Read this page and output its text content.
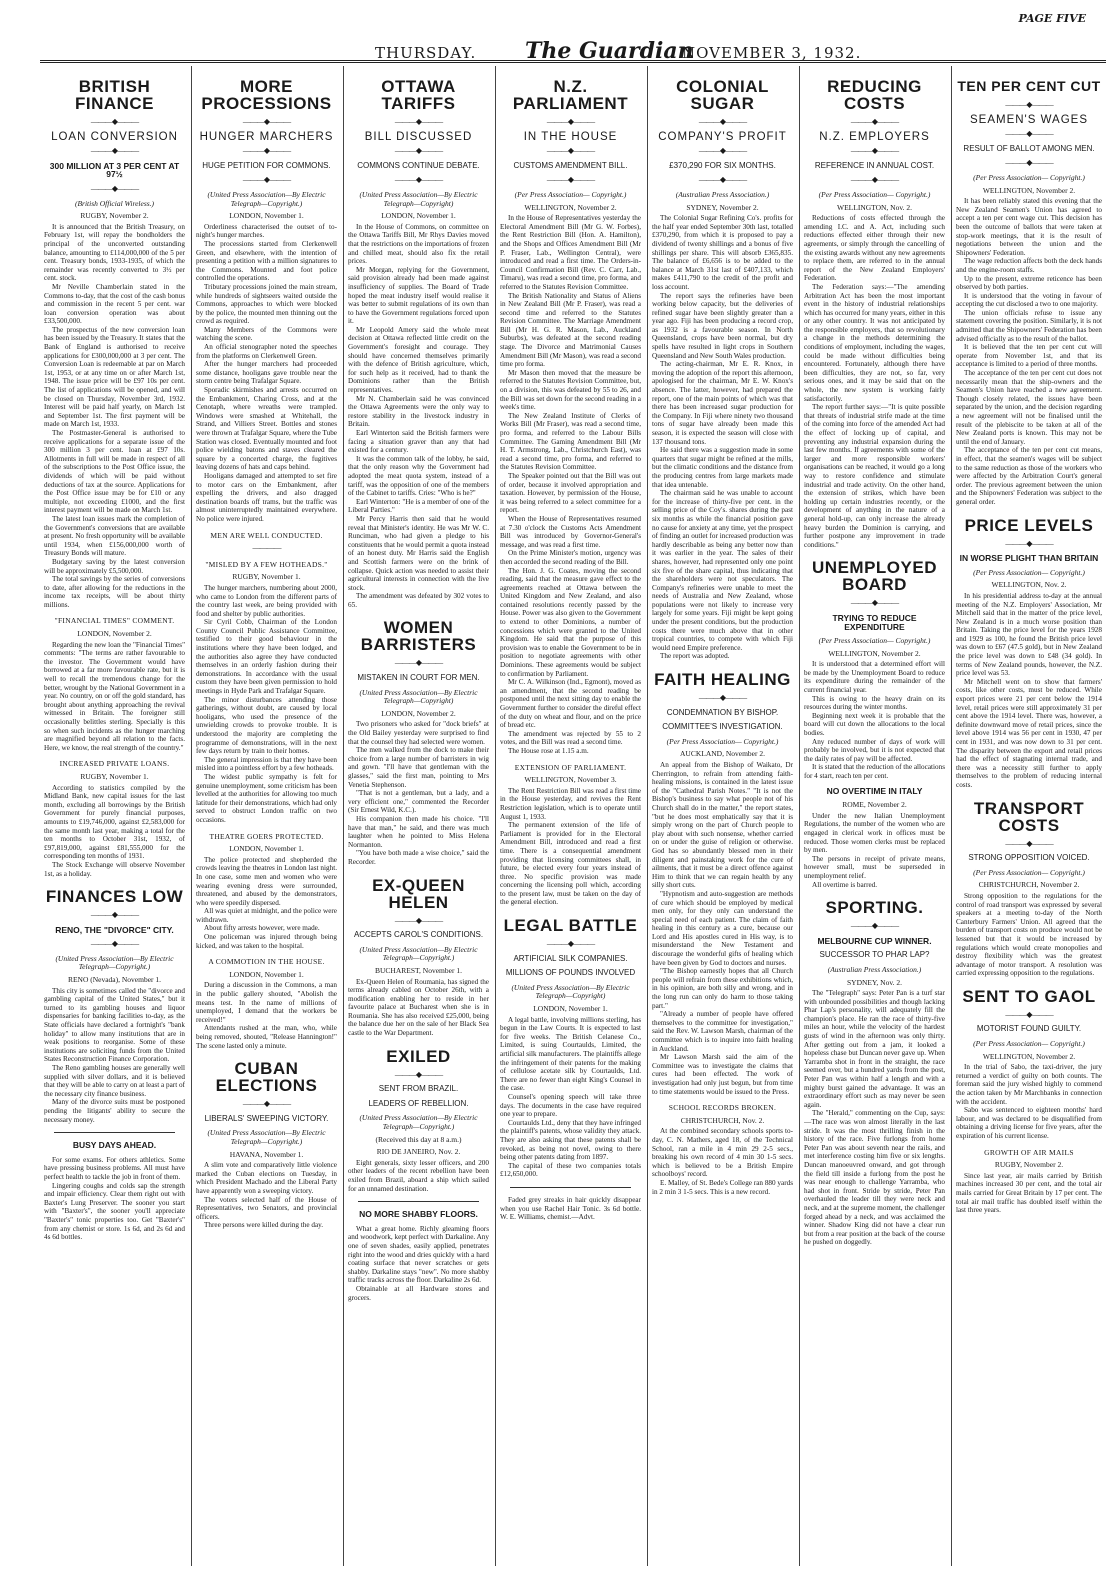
THURSDAY. The Guardian
NOVEMBER 3, 1932.
PAGE FIVE
BRITISH FINANCE
———◆———
LOAN CONVERSION
———◆———
300 MILLION AT 3 PER CENT AT 97½
———◆———
(British Official Wireless.)
RUGBY, November 2.

It is announced that the British Treasury, on February 1st, will repay the bondholders the principal of the unconverted outstanding balance, amounting to £114,000,000 of the 5 per cent. Treasury bonds, 1933-1935, of which the remainder was recently converted to 3½ per cent. stock.

Mr Neville Chamberlain stated in the Commons to-day, that the cost of the cash bonus and commission in the recent 5 per cent. war loan conversion operation was about £33,500,000.

The prospectus of the new conversion loan has been issued by the Treasury. It states that the Bank of England is authorised to receive applications for £300,000,000 at 3 per cent. The Conversion Loan is redeemable at par on March 1st, 1953, or at any time on or after March 1st, 1948. The issue price will be £97 10s per cent. The list of applications will be opened, and will be closed on Thursday, November 3rd, 1932. Interest will be paid half yearly, on March 1st and September 1st. The first payment will be made on March 1st, 1933.

The Postmaster-General is authorised to receive applications for a separate issue of the 300 million 3 per cent. loan at £97 10s. Allotments in full will be made in respect of all of the subscriptions to the Post Office issue, the dividends of which will be paid without deductions of tax at the source. Applications for the Post Office issue may be for £10 or any multiple, not exceeding £1000, and the first interest payment will be made on March 1st.

The latest loan issues mark the completion of the Government's conversions that are available at present. No fresh opportunity will be available until 1934, when £156,000,000 worth of Treasury Bonds will mature.

Budgetary saving by the latest conversion will be approximately £5,500,000.

The total savings by the series of conversions to date, after allowing for the reductions in the income tax receipts, will be about thirty millions.

"FINANCIAL TIMES" COMMENT.
LONDON, November 2.

Regarding the new loan the "Financial Times" comments: "The terms are rather favourable to the investor. The Government would have borrowed at a far more favourable rate, but it is well to recall the tremendous change for the better, wrought by the National Government in a year. No country, on or off the gold standard, has brought about anything approaching the revival witnessed in Britain. The foreigner still occasionally belittles sterling. Specially is this so when such incidents as the hunger marching are magnified beyond all relation to the facts. Here, we know, the real strength of the country."

INCREASED PRIVATE LOANS.
RUGBY, November 1.

According to statistics compiled by the Midland Bank, new capital issues for the last month, excluding all borrowings by the British Government for purely financial purposes, amounts to £19,746,000, against £2,583,000 for the same month last year, making a total for the ten months to October 31st, 1932, of £97,819,000, against £81,555,000 for the corresponding ten months of 1931.

The Stock Exchange will observe November 1st, as a holiday.

FINANCES LOW
———◆———
RENO, THE "DIVORCE" CITY.
———◆———
(United Press Association—By Electric Telegraph—Copyright.)
RENO (Nevada), November 1.

This city is sometimes called the "divorce and gambling capital of the United States," but it turned to its gambling houses and liquor dispensaries for banking facilities to-day, as the State officials have declared a fortnight's "bank holiday" to allow many institutions that are in weak positions to reorganise. Some of these institutions are soliciting funds from the United States Reconstruction Finance Corporation.

The Reno gambling houses are generally well supplied with silver dollars, and it is believed that they will be able to carry on at least a part of the necessary city finance business.

Many of the divorce suits must be postponed pending the litigants' ability to secure the necessary money.

BUSY DAYS AHEAD.

For some exams. For others athletics. Some have pressing business problems. All must have perfect health to tackle the job in front of them.

Lingering coughs and colds sap the strength and impair efficiency. Clear them right out with Baxter's Lung Preserver. The sooner you start with "Baxter's", the sooner you'll appreciate "Baxter's" tonic properties too. Get "Baxter's" from any chemist or store. 1s 6d, and 2s 6d and 4s 6d bottles.

MORE PROCESSIONS
———◆———
HUNGER MARCHERS
———◆———
HUGE PETITION FOR COMMONS.
———◆———
(United Press Association—By Electric Telegraph—Copyright.)
LONDON, November 1.

Orderliness characterised the outset of to-night's hunger marches.

The processions started from Clerkenwell Green, and elsewhere, with the intention of presenting a petition with a million signatures to the Commons. Mounted and foot police controlled the operations.

Tributary processions joined the main stream, while hundreds of sightseers waited outside the Commons, approaches to which were blocked by the police, the mounted men thinning out the crowd as required.

Many Members of the Commons were watching the scene.

An official stenographer noted the speeches from the platforms on Clerkenwell Green.

After the hunger marchers had proceeded some distance, hooligans gave trouble near the storm centre being Trafalgar Square.

Sporadic skirmishes and arrests occurred on the Embankment, Charing Cross, and at the Cenotaph, where wreaths were trampled. Windows were smashed at Whitehall, the Strand, and Villiers Street. Bottles and stones were thrown at Trafalgar Square, where the Tube Station was closed. Eventually mounted and foot police wielding batons and staves cleared the square by a concerted charge, the fugitives leaving dozens of hats and caps behind.

Hooligans damaged and attempted to set fire to motor cars on the Embankment, after expelling the drivers, and also dragged destination boards off trams, but the traffic was almost uninterruptedly maintained everywhere. No police were injured.

MEN ARE WELL CONDUCTED.
————
"MISLED BY A FEW HOTHEADS."
RUGBY, November 1.

The hunger marchers, numbering about 2000, who came to London from the different parts of the country last week, are being provided with food and shelter by public authorities.

Sir Cyril Cobb, Chairman of the London County Council Public Assistance Committee, testified to their good behaviour in the institutions where they have been lodged, and the authorities also agree they have conducted themselves in an orderly fashion during their demonstrations. In accordance with the usual custom they have been given permission to hold meetings in Hyde Park and Trafalgar Square.

The minor disturbances attending those gatherings, without doubt, are caused by local hooligans, who used the presence of the unwielding crowds to provoke trouble. It is understood the majority are completing the programme of demonstrations, will in the next few days return by train to their homes.

The general impression is that they have been misled into a pointless effort by a few hotheads.

The widest public sympathy is felt for genuine unemployment, some criticism has been levelled at the authorities for allowing too much latitude for their demonstrations, which had only served to obstruct London traffic on two occasions.

THEATRE GOERS PROTECTED.
LONDON, November 1.

The police protected and shepherded the crowds leaving the theatres in London last night. In one case, some men and women who were wearing evening dress were surrounded, threatened, and abused by the demonstrators, who were speedily dispersed.

All was quiet at midnight, and the police were withdrawn.

About fifty arrests however, were made.

One policeman was injured through being kicked, and was taken to the hospital.

A COMMOTION IN THE HOUSE.
LONDON, November 1.

During a discussion in the Commons, a man in the public gallery shouted, "Abolish the means test. In the name of millions of unemployed, I demand that the workers be received!"

Attendants rushed at the man, who, while being removed, shouted, "Release Hannington!" The scene lasted only a minute.

CUBAN ELECTIONS
———◆———
LIBERALS' SWEEPING VICTORY.
(United Press Association—By Electric Telegraph—Copyright.)
HAVANA, November 1.

A slim vote and comparatively little violence marked the Cuban elections on Tuesday, in which President Machado and the Liberal Party have apparently won a sweeping victory.

The voters selected half of the House of Representatives, two Senators, and provincial officers.

Three persons were killed during the day.

OTTAWA TARIFFS
———◆———
BILL DISCUSSED
———◆———
COMMONS CONTINUE DEBATE.
———◆———
(United Press Association—By Electric Telegraph—Copyright)
LONDON, November 1.

In the House of Commons, on committee on the Ottawa Tariffs Bill, Mr Rhys Davies moved that the restrictions on the importations of frozen and chilled meat, should also fix the retail prices.

Mr Morgan, replying for the Government, said provision already had been made against insufficiency of supplies. The Board of Trade hoped the meat industry itself would realise it was better to submit regulations of its own than to have the Government regulations forced upon it.

Mr Leopold Amery said the whole meat decision at Ottawa reflected little credit on the Government's foresight and courage. They should have concerned themselves primarily with the defence of British agriculture, which, for such help as it received, had to thank the Dominions rather than the British representatives.

Mr N. Chamberlain said he was convinced the Ottawa Agreements were the only way to restore stability in the livestock industry in Britain.

Earl Winterton said the British farmers were facing a situation graver than any that had existed for a century.

It was the common talk of the lobby, he said, that the only reason why the Government had adopted the meat quota system, instead of a tariff, was the opposition of one of the members of the Cabinet to tariffs. Cries: "Who is he?"

Earl Winterton: "He is a member of one of the Liberal Parties."

Mr Percy Harris then said that he would reveal that Minister's identity. He was Mr W. C. Runciman, who had given a pledge to his constituents that he would permit a quota instead of an honest duty. Mr Harris said the English and Scottish farmers were on the brink of collapse. Quick action was needed to assist their agricultural interests in connection with the live stock.

The amendment was defeated by 302 votes to 65.

WOMEN BARRISTERS
———◆———
MISTAKEN IN COURT FOR MEN.
(United Press Association—By Electric Telegraph—Copyright)
LONDON, November 2.

Two prisoners who asked for "dock briefs" at the Old Bailey yesterday were surprised to find that the counsel they had selected were women.

The men walked from the dock to make their choice from a large number of barristers in wig and gown. "I'll have that gentleman with the glasses," said the first man, pointing to Mrs Venetia Stephenson.

"That is not a gentleman, but a lady, and a very efficient one," commented the Recorder (Sir Ernest Wild, K.C.).

His companion then made his choice. "I'll have that man," he said, and there was much laughter when he pointed to Miss Helena Normanton.

"You have both made a wise choice," said the Recorder.

EX-QUEEN HELEN
———◆———
ACCEPTS CAROL'S CONDITIONS.
(United Press Association—By Electric Telegraph—Copyright.)
BUCHAREST, November 1.

Ex-Queen Helen of Roumania, has signed the terms already cabled on October 26th, with a modification enabling her to reside in her favourite palace at Bucharest when she is in Roumania. She has also received £25,000, being the balance due her on the sale of her Black Sea castle to the War Department.

EXILED
———◆———
SENT FROM BRAZIL.
LEADERS OF REBELLION.
(United Press Association—By Electric Telegraph—Copyright.)
(Received this day at 8 a.m.)
RIO DE JANEIRO, Nov. 2.

Eight generals, sixty lesser officers, and 200 other leaders of the recent rebellion have been exiled from Brazil, aboard a ship which sailed for an unnamed destination.

NO MORE SHABBY FLOORS.

What a great home. Richly gleaming floors and woodwork, kept perfect with Darkaline. Any one of seven shades, easily applied, penetrates right into the wood and dries quickly with a hard coating surface that never scratches or gets shabby. Darkaline stays "new". No more shabby traffic tracks across the floor. Darkaline 2s 6d.

Obtainable at all Hardware stores and grocers.

N.Z. PARLIAMENT
———◆———
IN THE HOUSE
———◆———
CUSTOMS AMENDMENT BILL.
———◆———
(Per Press Association— Copyright.)
WELLINGTON, November 2.

In the House of Representatives yesterday the Electoral Amendment Bill (Mr G. W. Forbes), the Rent Restriction Bill (Hon. A. Hamilton), and the Shops and Offices Amendment Bill (Mr P. Fraser, Lab., Wellington Central), were introduced and read a first time. The Orders-in-Council Confirmation Bill (Rev. C. Carr, Lab., Timaru), was read a second time, pro forma, and referred to the Statutes Revision Committee.

The British Nationality and Status of Aliens in New Zealand Bill (Mr P. Fraser), was read a second time and referred to the Statutes Revision Committee. The Marriage Amendment Bill (Mr H. G. R. Mason, Lab., Auckland Suburbs), was defeated at the second reading stage. The Divorce and Matrimonial Causes Amendment Bill (Mr Mason), was read a second time pro forma.

Mr Mason then moved that the measure be referred to the Statutes Revision Committee, but, on a division, this was defeated by 55 to 26, and the Bill was set down for the second reading in a week's time.

The New Zealand Institute of Clerks of Works Bill (Mr Fraser), was read a second time, pro forma, and referred to the Labour Bills Committee. The Gaming Amendment Bill (Mr H. T. Armstrong, Lab., Christchurch East), was read a second time, pro forma, and referred to the Statutes Revision Committee.

The Speaker pointed out that the Bill was out of order, because it involved appropriation and taxation. However, by permission of the House, it was being referred to a select committee for a report.

When the House of Representatives resumed at 7.30 o'clock the Customs Acts Amendment Bill was introduced by Governor-General's message, and was read a first time.

On the Prime Minister's motion, urgency was then accorded the second reading of the Bill.

The Hon. J. G. Coates, moving the second reading, said that the measure gave effect to the agreements reached at Ottawa between the United Kingdom and New Zealand, and also contained resolutions recently passed by the House. Power was also given to the Government to extend to other Dominions, a number of concessions which were granted to the United Kingdom. He said that the purpose of this provision was to enable the Government to be in position to negotiate agreements with other Dominions. These agreements would be subject to confirmation by Parliament.

Mr C. A. Wilkinson (Ind., Egmont), moved as an amendment, that the second reading be postponed until the next sitting day to enable the Government further to consider the direful effect of the duty on wheat and flour, and on the price of bread etc.

The amendment was rejected by 55 to 2 votes, and the Bill was read a second time.

The House rose at 1.15 a.m.

EXTENSION OF PARLIAMENT.
WELLINGTON, November 3.

The Rent Restriction Bill was read a first time in the House yesterday, and revives the Rent Restriction legislation, which is to operate until August 1, 1933.

The permanent extension of the life of Parliament is provided for in the Electoral Amendment Bill, introduced and read a first time. There is a consequential amendment providing that licensing committees shall, in future, be elected every four years instead of three. No specific provision was made concerning the licensing poll which, according to the present law, must be taken on the day of the general election.

LEGAL BATTLE
———◆———
ARTIFICIAL SILK COMPANIES.
MILLIONS OF POUNDS INVOLVED
(United Press Association—By Electric Telegraph—Copyright)
LONDON, November 1.

A legal battle, involving millions sterling, has begun in the Law Courts. It is expected to last for five weeks. The British Celanese Co., Limited, is suing Courtaulds, Limited, the artificial silk manufacturers. The plaintiffs allege the infringement of their patents for the making of cellulose acetate silk by Courtaulds, Ltd. There are no fewer than eight King's Counsel in the case.

Counsel's opening speech will take three days. The documents in the case have required one year to prepare.

Courtaulds Ltd., deny that they have infringed the plaintiff's patents, whose validity they attack. They are also asking that these patents shall be revoked, as being not novel, owing to there being other patents dating from 1897.

The capital of these two companies totals £12,650,000.

Faded grey streaks in hair quickly disappear when you use Rachel Hair Tonic. 3s 6d bottle. W. E. Williams, chemist.—Advt.

COLONIAL SUGAR
———◆———
COMPANY'S PROFIT
———◆———
£370,290 FOR SIX MONTHS.
———◆———
(Australian Press Association.)
SYDNEY, November 2.

The Colonial Sugar Refining Co's. profits for the half year ended September 30th last, totalled £370,290, from which it is proposed to pay a dividend of twenty shillings and a bonus of five shillings per share. This will absorb £365,835. The balance of £6,656 is to be added to the balance at March 31st last of £407,133, which makes £411,790 to the credit of the profit and loss account.

The report says the refineries have been working below capacity, but the deliveries of refined sugar have been slightly greater than a year ago. Fiji has been producing a record crop, as 1932 is a favourable season. In North Queensland, crops have been normal, but dry spells have resulted in light crops in Southern Queensland and New South Wales production.

The acting-chairman, Mr E. R. Knox, in moving the adoption of the report this afternoon, apologised for the chairman, Mr E. W. Knox's absence. The latter, however, had prepared the report, one of the main points of which was that there has been increased sugar production for the Company. In Fiji where ninety two thousand tons of sugar have already been made this season, it is expected the season will close with 137 thousand tons.

He said there was a suggestion made in some quarters that sugar might be refined at the mills, but the climatic conditions and the distance from the producing centres from large markets made that idea untenable.

The chairman said he was unable to account for the increase of thirty-five per cent. in the selling price of the Coy's. shares during the past six months as while the financial position gave no cause for anxiety at any time, yet the prospect of finding an outlet for increased production was hardly describable as being any better now than it was earlier in the year. The sales of their shares, however, had represented only one point six five of the share capital, thus indicating that the shareholders were not speculators. The Company's refineries were unable to meet the needs of Australia and New Zealand, whose populations were not likely to increase very largely for some years. Fiji might be kept going under the present conditions, but the production costs there were much above that in other tropical countries, to compete with which Fiji would need Empire preference.

The report was adopted.

FAITH HEALING
———◆———
CONDEMNATION BY BISHOP.
COMMITTEE'S INVESTIGATION.
(Per Press Association— Copyright.)
AUCKLAND, November 2.

An appeal from the Bishop of Waikato, Dr Cherrington, to refrain from attending faith-healing missions, is contained in the latest issue of the "Cathedral Parish Notes." "It is not the Bishop's business to say what people not of his Church shall do in the matter," the report states, "but he does most emphatically say that it is simply wrong on the part of Church people to play about with such nonsense, whether carried on or under the guise of religion or otherwise. God has so abundantly blessed men in their diligent and painstaking work for the cure of ailments, that it must be a direct offence against Him to think that we can regain health by any silly short cuts.

"Hypnotism and auto-suggestion are methods of cure which should be employed by medical men only, for they only can understand the special need of each patient. The claim of faith healing in this century as a cure, because our Lord and His apostles cured in His way, is to misunderstand the New Testament and discourage the wonderful gifts of healing which have been given by God to doctors and nurses.

"The Bishop earnestly hopes that all Church people will refrain from these exhibitions which, in his opinion, are both silly and wrong, and in the long run can only do harm to those taking part."

"Already a number of people have offered themselves to the committee for investigation," said the Rev. W. Lawson Marsh, chairman of the committee which is to inquire into faith healing in Auckland.

Mr Lawson Marsh said the aim of the Committee was to investigate the claims that cures had been effected. The work of investigation had only just begun, but from time to time statements would be issued to the Press.

SCHOOL RECORDS BROKEN.
CHRISTCHURCH, Nov. 2.

At the combined secondary schools sports to-day, C. N. Mathers, aged 18, of the Technical School, ran a mile in 4 min 29 2-5 secs., breaking his own record of 4 min 30 1-5 secs. which is believed to be a British Empire schoolboys' record.

E. Malley, of St. Bede's College ran 880 yards in 2 min 3 1-5 secs. This is a new record.

REDUCING COSTS
———◆———
N.Z. EMPLOYERS
———◆———
REFERENCE IN ANNUAL COST.
———◆———
(Per Press Association— Copyright.)
WELLINGTON, Nov. 2.

Reductions of costs effected through the amending I.C. and A. Act, including such reductions effected either through their new agreements, or simply through the cancelling of the existing awards without any new agreements to replace them, are referred to in the annual report of the New Zealand Employers' Federation.

The Federation says:—"The amending Arbitration Act has been the most important event in the history of industrial relationships which has occurred for many years, either in this or any other country. It was not anticipated by the responsible employers, that so revolutionary a change in the methods determining the conditions of employment, including the wages, could be made without difficulties being encountered. Fortunately, although there have been difficulties, they are not, so far, very serious ones, and it may be said that on the whole, the new system is working fairly satisfactorily.

The report further says:—"It is quite possible that threats of industrial strife made at the time of the coming into force of the amended Act had the effect of locking up of capital, and preventing any industrial expansion during the last few months. If agreements with some of the larger and more responsible workers' organisations can be reached, it would go a long way to restore confidence and stimulate industrial and trade activity. On the other hand, the extension of strikes, which have been holding up certain industries recently, or the development of anything in the nature of a general hold-up, can only increase the already heavy burden the Dominion is carrying, and further postpone any improvement in trade conditions."

UNEMPLOYED BOARD
———◆———
TRYING TO REDUCE EXPENDITURE
(Per Press Association— Copyright.)
WELLINGTON, November 2.

It is understood that a determined effort will be made by the Unemployment Board to reduce its expenditure during the remainder of the current financial year.

This is owing to the heavy drain on its resources during the winter months.

Beginning next week it is probable that the board will cut down the allocations to the local bodies.

Any reduced number of days of work will probably be involved, but it is not expected that the daily rates of pay will be affected.

It is stated that the reduction of the allocations for 4 start, reach ten per cent.

NO OVERTIME IN ITALY
ROME, November 2.

Under the new Italian Unemployment Regulations, the number of the women who are engaged in clerical work in offices must be reduced. Those women clerks must be replaced by men.

The persons in receipt of private means, however small, must be superseded in unemployment relief.

All overtime is barred.

SPORTING.
———◆———
MELBOURNE CUP WINNER.
SUCCESSOR TO PHAR LAP?
(Australian Press Association.)
SYDNEY, Nov. 2.

The "Telegraph" says: Peter Pan is a turf star with unbounded possibilities and though lacking Phar Lap's personality, will adequately fill the champion's place. He ran the race of thirty-five miles an hour, while the velocity of the hardest gusts of wind in the afternoon was only thirty. After getting out from a jam, it looked a hopeless chase but Duncan never gave up. When Yarramba shot in front in the straight, the race seemed over, but a hundred yards from the post, Peter Pan was within half a length and with a mighty burst gained the advantage. It was an extraordinary effort such as may never be seen again.

The "Herald," commenting on the Cup, says:—The race was won almost literally in the last stride. It was the most thrilling finish in the history of the race. Five furlongs from home Peter Pan was about seventh near the rails, and met interference costing him five or six lengths. Duncan manoeuvred onward, and got through the field till inside a furlong from the post he was near enough to challenge Yarramba, who had shot in front. Stride by stride, Peter Pan overhauled the leader till they were neck and neck, and at the supreme moment, the challenger forged ahead by a neck, and was acclaimed the winner. Shadow King did not have a clear run but from a rear position at the back of the course he pushed on doggedly.

TEN PER CENT CUT
———◆———
SEAMEN'S WAGES
———◆———
RESULT OF BALLOT AMONG MEN.
———◆———
(Per Press Association— Copyright.)
WELLINGTON, November 2.

It has been reliably stated this evening that the New Zealand Seamen's Union has agreed to accept a ten per cent wage cut. This decision has been the outcome of ballots that were taken at stop-work meetings, that it is the result of negotiations between the union and the Shipowners' Federation.

The wage reduction affects both the deck hands and the engine-room staffs.

Up to the present, extreme reticence has been observed by both parties.

It is understood that the voting in favour of accepting the cut disclosed a two to one majority.

The union officials refuse to issue any statement covering the position. Similarly, it is not admitted that the Shipowners' Federation has been advised officially as to the result of the ballot.

It is believed that the ten per cent cut will operate from November 1st, and that its acceptance is limited to a period of three months.

The acceptance of the ten per cent cut does not necessarily mean that the ship-owners and the Seamen's Union have reached a new agreement. Though closely related, the issues have been separated by the union, and the decision regarding a new agreement will not be finalised until the result of the plebiscite to be taken at all of the New Zealand ports is known. This may not be until the end of January.

The acceptance of the ten per cent cut means, in effect, that the seamen's wages will be subject to the same reduction as those of the workers who were affected by the Arbitration Court's general order. The previous agreement between the union and the Shipowners' Federation was subject to the general order.

PRICE LEVELS
———◆———
IN WORSE PLIGHT THAN BRITAIN
(Per Press Association— Copyright.)
WELLINGTON, Nov. 2.

In his presidential address to-day at the annual meeting of the N.Z. Employers' Association, Mr Mitchell said that in the matter of the price level, New Zealand is in a much worse position than Britain. Taking the price level for the years 1928 and 1929 as 100, he found the British price level was down to £67 (47.5 gold), but in New Zealand the price level was down to £48 (34 gold). In terms of New Zealand pounds, however, the N.Z. price level was 53.

Mr Mitchell went on to show that farmers' costs, like other costs, must be reduced. While export prices were 21 per cent below the 1914 level, retail prices were still approximately 31 per cent above the 1914 level. There was, however, a definite downward move of retail prices, since the level above 1914 was 56 per cent in 1930, 47 per cent in 1931, and was now down to 31 per cent. The disparity between the export and retail prices had the effect of stagnating internal trade, and there was a necessity still further to apply themselves to the problem of reducing internal costs.

TRANSPORT COSTS
———◆———
STRONG OPPOSITION VOICED.
(Per Press Association— Copyright.)
CHRISTCHURCH, November 2.

Strong opposition to the regulations for the control of road transport was expressed by several speakers at a meeting to-day of the North Canterbury Farmers' Union. All agreed that the burden of transport costs on produce would not be lessened but that it would be increased by regulations which would create monopolies and destroy flexibility which was the greatest advantage of motor transport. A resolution was carried expressing opposition to the regulations.

SENT TO GAOL
———◆———
MOTORIST FOUND GUILTY.
(Per Press Association— Copyright.)
WELLINGTON, November 2.

In the trial of Sabo, the taxi-driver, the jury returned a verdict of guilty on both counts. The foreman said the jury wished highly to commend the action taken by Mr Marchbanks in connection with the accident.

Sabo was sentenced to eighteen months' hard labour, and was declared to be disqualified from obtaining a driving license for five years, after the expiration of his current license.

GROWTH OF AIR MAILS
RUGBY, November 2.

Since last year, air mails carried by British machines increased 30 per cent, and the total air mails carried for Great Britain by 17 per cent. The total air mail traffic has doubled itself within the last three years.
